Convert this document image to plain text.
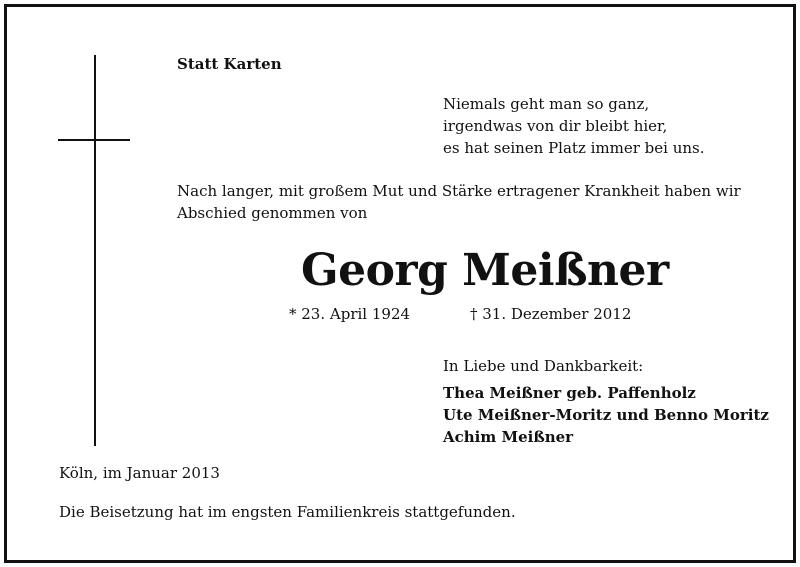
Statt Karten
Niemals geht man so ganz,
irgendwas von dir bleibt hier,
es hat seinen Platz immer bei uns.
Nach langer, mit großem Mut und Stärke ertragener Krankheit haben wir
Abschied genommen von
Georg Meißner
* 23. April 1924	† 31. Dezember 2012
In Liebe und Dankbarkeit:
Thea Meißner geb. Paffenholz
Ute Meißner-Moritz und Benno Moritz
Achim Meißner
Köln, im Januar 2013
Die Beisetzung hat im engsten Familienkreis stattgefunden.
